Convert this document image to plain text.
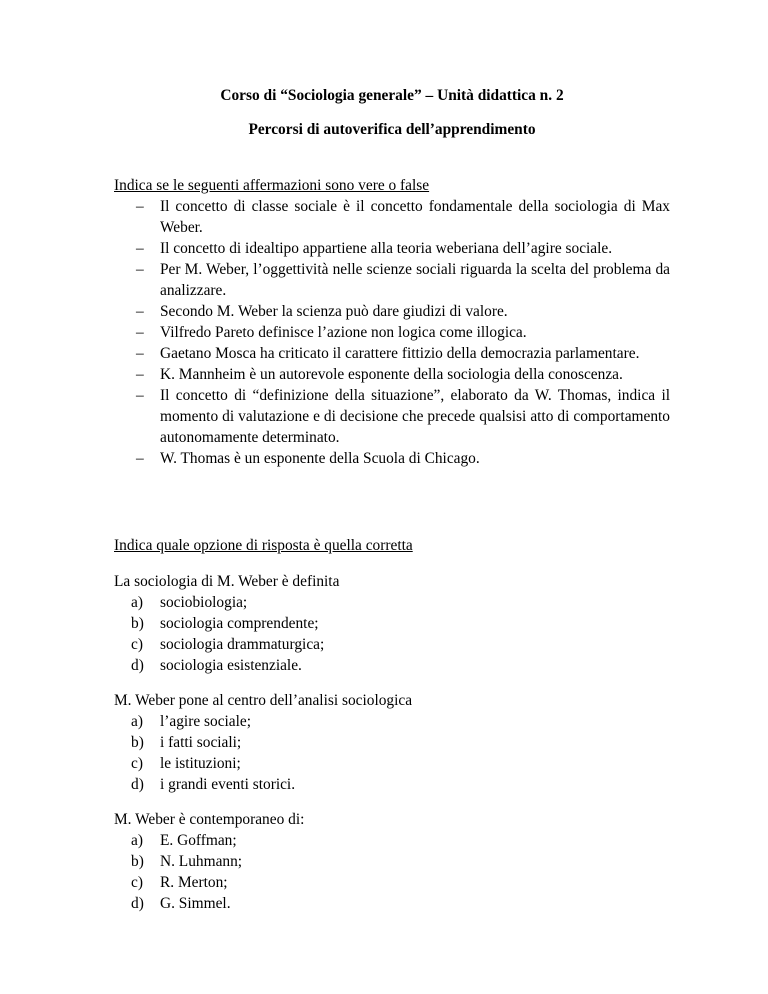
Corso di “Sociologia generale” – Unità didattica n. 2

Percorsi di autoverifica dell’apprendimento

Indica se le seguenti affermazioni sono vere o false

– Il concetto di classe sociale è il concetto fondamentale della sociologia di Max Weber.
– Il concetto di idealtipo appartiene alla teoria weberiana dell’agire sociale.
– Per M. Weber, l’oggettività nelle scienze sociali riguarda la scelta del problema da analizzare.
– Secondo M. Weber la scienza può dare giudizi di valore.
– Vilfredo Pareto definisce l’azione non logica come illogica.
– Gaetano Mosca ha criticato il carattere fittizio della democrazia parlamentare.
– K. Mannheim è un autorevole esponente della sociologia della conoscenza.
– Il concetto di “definizione della situazione”, elaborato da W. Thomas, indica il momento di valutazione e di decisione che precede qualsisi atto di comportamento autonomamente determinato.
– W. Thomas è un esponente della Scuola di Chicago.

Indica quale opzione di risposta è quella corretta

La sociologia di M. Weber è definita

a) sociobiologia;
b) sociologia comprendente;
c) sociologia drammaturgica;
d) sociologia esistenziale.

M. Weber pone al centro dell’analisi sociologica

a) l’agire sociale;
b) i fatti sociali;
c) le istituzioni;
d) i grandi eventi storici.

M. Weber è contemporaneo di:

a) E. Goffman;
b) N. Luhmann;
c) R. Merton;
d) G. Simmel.
